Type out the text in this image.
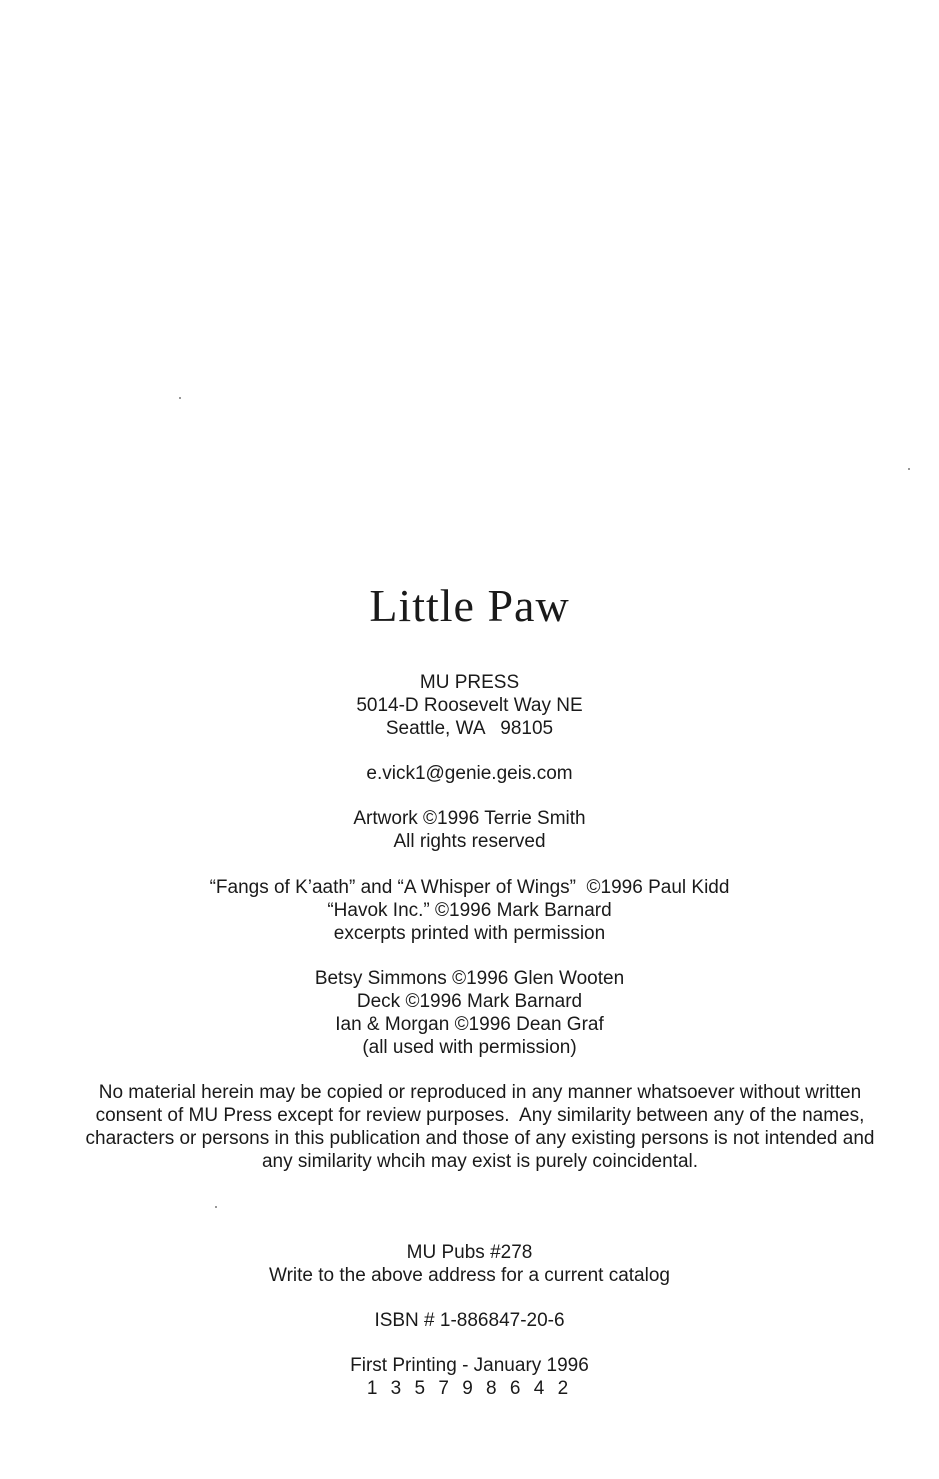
Little Paw
MU PRESS
5014-D Roosevelt Way NE
Seattle, WA   98105
e.vick1@genie.geis.com
Artwork ©1996 Terrie Smith
All rights reserved
“Fangs of K’aath” and “A Whisper of Wings”  ©1996 Paul Kidd
“Havok Inc.” ©1996 Mark Barnard
excerpts printed with permission
Betsy Simmons ©1996 Glen Wooten
Deck ©1996 Mark Barnard
Ian & Morgan ©1996 Dean Graf
(all used with permission)
No material herein may be copied or reproduced in any manner whatsoever without written
consent of MU Press except for review purposes.  Any similarity between any of the names,
characters or persons in this publication and those of any existing persons is not intended and
any similarity whcih may exist is purely coincidental.
MU Pubs #278
Write to the above address for a current catalog
ISBN # 1-886847-20-6
First Printing - January 1996
1 3 5 7 9 8 6 4 2
